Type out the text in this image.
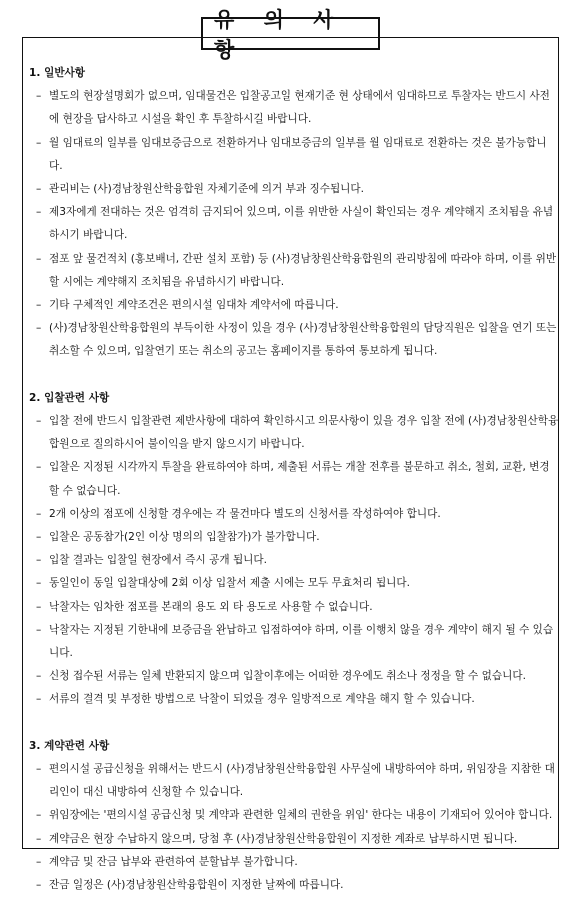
유 의 사 항

1. 일반사항

– 별도의 현장설명회가 없으며, 임대물건은 입찰공고일 현재기준 현 상태에서 임대하므로 투찰자는 반드시 사전에 현장을 답사하고 시설을 확인 후 투찰하시길 바랍니다.

– 월 임대료의 일부를 임대보증금으로 전환하거나 임대보증금의 일부를 월 임대료로 전환하는 것은 불가능합니다.

– 관리비는 (사)경남창원산학융합원 자체기준에 의거 부과 징수됩니다.

– 제3자에게 전대하는 것은 엄격히 금지되어 있으며, 이를 위반한 사실이 확인되는 경우 계약해지 조치됨을 유념하시기 바랍니다.

– 점포 앞 물건적치 (홍보배너, 간판 설치 포함) 등 (사)경남창원산학융합원의 관리방침에 따라야 하며, 이를 위반할 시에는 계약해지 조치됨을 유념하시기 바랍니다.

– 기타 구체적인 계약조건은 편의시설 임대차 계약서에 따릅니다.

– (사)경남창원산학융합원의 부득이한 사정이 있을 경우 (사)경남창원산학융합원의 담당직원은 입찰을 연기 또는 취소할 수 있으며, 입찰연기 또는 취소의 공고는 홈페이지를 통하여 통보하게 됩니다.

2. 입찰관련 사항

– 입찰 전에 반드시 입찰관련 제반사항에 대하여 확인하시고 의문사항이 있을 경우 입찰 전에 (사)경남창원산학융합원으로 질의하시어 불이익을 받지 않으시기 바랍니다.

– 입찰은 지정된 시각까지 투찰을 완료하여야 하며, 제출된 서류는 개찰 전후를 불문하고 취소, 철회, 교환, 변경할 수 없습니다.

– 2개 이상의 점포에 신청할 경우에는 각 물건마다 별도의 신청서를 작성하여야 합니다.

– 입찰은 공동참가(2인 이상 명의의 입찰참가)가 불가합니다.

– 입찰 결과는 입찰일 현장에서 즉시 공개 됩니다.

– 동일인이 동일 입찰대상에 2회 이상 입찰서 제출 시에는 모두 무효처리 됩니다.

– 낙찰자는 임차한 점포를 본래의 용도 외 타 용도로 사용할 수 없습니다.

– 낙찰자는 지정된 기한내에 보증금을 완납하고 입점하여야 하며, 이를 이행치 않을 경우 계약이 해지 될 수 있습니다.

– 신청 접수된 서류는 일체 반환되지 않으며 입찰이후에는 어떠한 경우에도 취소나 정정을 할 수 없습니다.

– 서류의 결격 및 부정한 방법으로 낙찰이 되었을 경우 일방적으로 계약을 해지 할 수 있습니다.

3. 계약관련 사항

– 편의시설 공급신청을 위해서는 반드시 (사)경남창원산학융합원 사무실에 내방하여야 하며, 위임장을 지참한 대리인이 대신 내방하여 신청할 수 있습니다.

– 위임장에는 '편의시설 공급신청 및 계약과 관련한 일체의 권한을 위임' 한다는 내용이 기재되어 있어야 합니다.

– 계약금은 현장 수납하지 않으며, 당첨 후 (사)경남창원산학융합원이 지정한 계좌로 납부하시면 됩니다.

– 계약금 및 잔금 납부와 관련하여 분할납부 불가합니다.

– 잔금 일정은 (사)경남창원산학융합원이 지정한 날짜에 따릅니다.
